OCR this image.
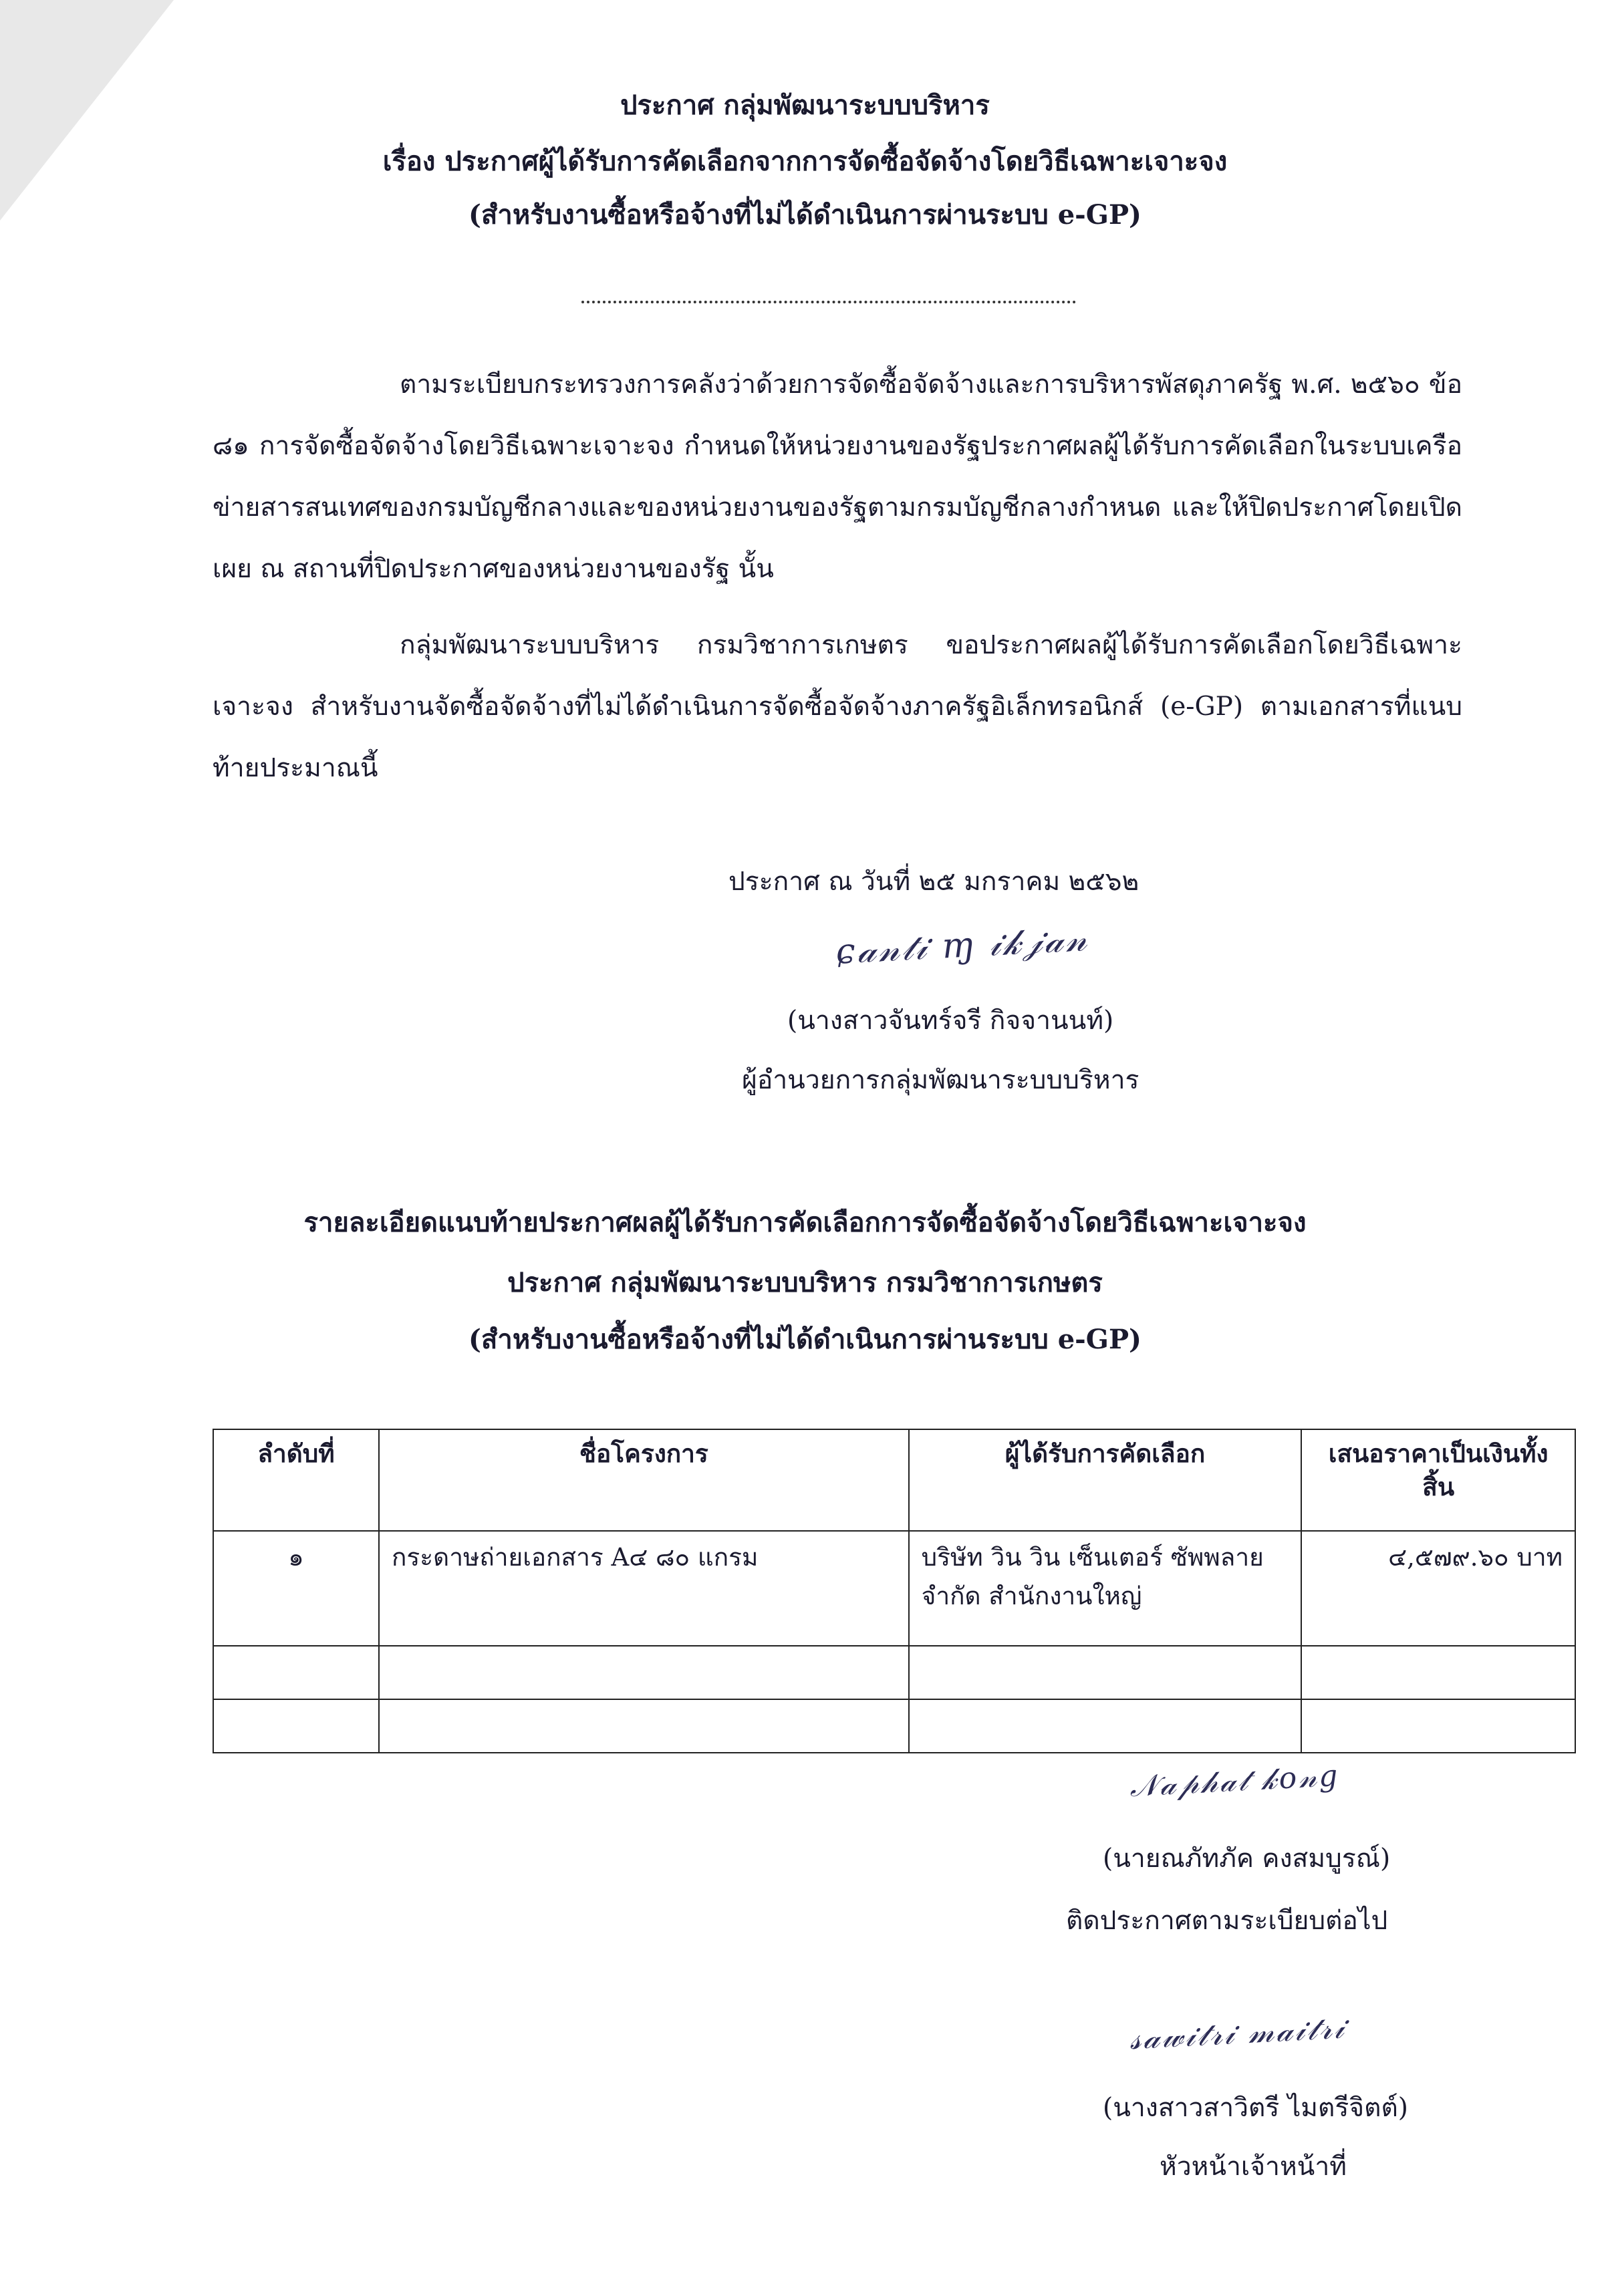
ประกาศ กลุ่มพัฒนาระบบบริหาร
เรื่อง ประกาศผู้ได้รับการคัดเลือกจากการจัดซื้อจัดจ้างโดยวิธีเฉพาะเจาะจง
(สำหรับงานซื้อหรือจ้างที่ไม่ได้ดำเนินการผ่านระบบ e-GP)
ตามระเบียบกระทรวงการคลังว่าด้วยการจัดซื้อจัดจ้างและการบริหารพัสดุภาครัฐ พ.ศ. ๒๕๖๐ ข้อ ๘๑ การจัดซื้อจัดจ้างโดยวิธีเฉพาะเจาะจง กำหนดให้หน่วยงานของรัฐประกาศผลผู้ได้รับการคัดเลือกในระบบเครือข่ายสารสนเทศของกรมบัญชีกลางและของหน่วยงานของรัฐตามกรมบัญชีกลางกำหนด และให้ปิดประกาศโดยเปิดเผย ณ สถานที่ปิดประกาศของหน่วยงานของรัฐ นั้น
กลุ่มพัฒนาระบบบริหาร กรมวิชาการเกษตร ขอประกาศผลผู้ได้รับการคัดเลือกโดยวิธีเฉพาะเจาะจง สำหรับงานจัดซื้อจัดจ้างที่ไม่ได้ดำเนินการจัดซื้อจัดจ้างภาครัฐอิเล็กทรอนิกส์ (e-GP) ตามเอกสารที่แนบท้ายประมาณนี้
ประกาศ ณ วันที่ ๒๕ มกราคม ๒๕๖๒
ɕ𝒶𝓃𝓉𝒾 ɱ 𝒾𝓀𝒿𝒶𝓃
(นางสาวจันทร์จรี กิจจานนท์)
ผู้อำนวยการกลุ่มพัฒนาระบบบริหาร
รายละเอียดแนบท้ายประกาศผลผู้ได้รับการคัดเลือกการจัดซื้อจัดจ้างโดยวิธีเฉพาะเจาะจง
ประกาศ กลุ่มพัฒนาระบบบริหาร กรมวิชาการเกษตร
(สำหรับงานซื้อหรือจ้างที่ไม่ได้ดำเนินการผ่านระบบ e-GP)
ลำดับที่	ชื่อโครงการ	ผู้ได้รับการคัดเลือก	เสนอราคาเป็นเงินทั้งสิ้น
๑	กระดาษถ่ายเอกสาร A๔ ๘๐ แกรม	บริษัท วิน วิน เซ็นเตอร์ ซัพพลาย จำกัด สำนักงานใหญ่	๔,๕๗๙.๖๐ บาท

𝒩𝒶𝓅𝒽𝒶𝓉 𝓀𝑜𝓃𝑔
(นายณภัทภัค คงสมบูรณ์)
ติดประกาศตามระเบียบต่อไป
𝓈𝒶𝓌𝒾𝓉𝓇𝒾 𝓂𝒶𝒾𝓉𝓇𝒾
(นางสาวสาวิตรี ไมตรีจิตต์)
หัวหน้าเจ้าหน้าที่
